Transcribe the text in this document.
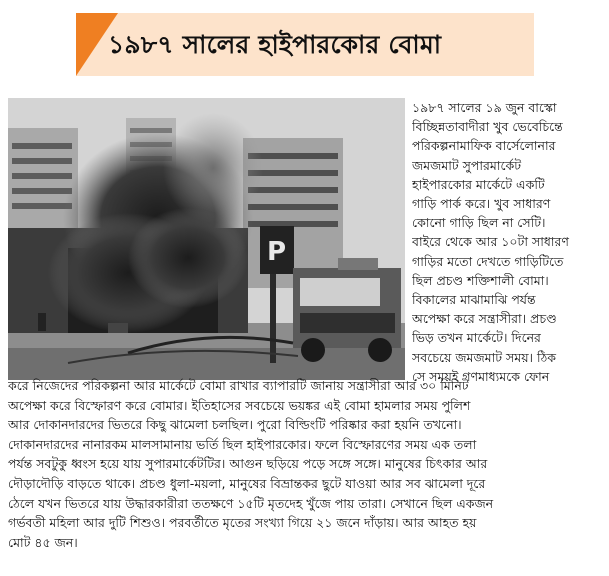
১৯৮৭ সালের হাইপারকোর বোমা
P
১৯৮৭ সালের ১৯ জুন বাস্কো
বিচ্ছিন্নতাবাদীরা খুব ভেবেচিন্তে
পরিকল্পনামাফিক বার্সেলোনার
জমজমাট সুপারমার্কেট
হাইপারকোর মার্কেটে একটি
গাড়ি পার্ক করে। খুব সাধারণ
কোনো গাড়ি ছিল না সেটি।
বাইরে থেকে আর ১০টা সাধারণ
গাড়ির মতো দেখতে গাড়িটিতে
ছিল প্রচণ্ড শক্তিশালী বোমা।
বিকালের মাঝামাঝি পর্যন্ত
অপেক্ষা করে সন্ত্রাসীরা। প্রচণ্ড
ভিড় তখন মার্কেটে। দিনের
সবচেয়ে জমজমাট সময়। ঠিক
সে সময়ই গণমাধ্যমকে ফোন
করে নিজেদের পরিকল্পনা আর মার্কেটে বোমা রাখার ব্যাপারটি জানায় সন্ত্রাসীরা আর ৩০ মিনিট
অপেক্ষা করে বিস্ফোরণ করে বোমার। ইতিহাসের সবচেয়ে ভয়ঙ্কর এই বোমা হামলার সময় পুলিশ
আর দোকানদারদের ভিতরে কিছু ঝামেলা চলছিল। পুরো বিল্ডিংটি পরিষ্কার করা হয়নি তখনো।
দোকানদারদের নানারকম মালসামানায় ভর্তি ছিল হাইপারকোর। ফলে বিস্ফোরণের সময় এক তলা
পর্যন্ত সবটুকু ধ্বংস হয়ে যায় সুপারমার্কেটটির। আগুন ছড়িয়ে পড়ে সঙ্গে সঙ্গে। মানুষের চিৎকার আর
দৌড়াদৌড়ি বাড়তে থাকে। প্রচণ্ড ধুলা-ময়লা, মানুষের বিভ্রান্তকর ছুটে যাওয়া আর সব ঝামেলা দূরে
ঠেলে যখন ভিতরে যায় উদ্ধারকারীরা ততক্ষণে ১৫টি মৃতদেহ খুঁজে পায় তারা। সেখানে ছিল একজন
গর্ভবতী মহিলা আর দুটি শিশুও। পরবর্তীতে মৃতের সংখ্যা গিয়ে ২১ জনে দাঁড়ায়। আর আহত হয়
মোট ৪৫ জন।
